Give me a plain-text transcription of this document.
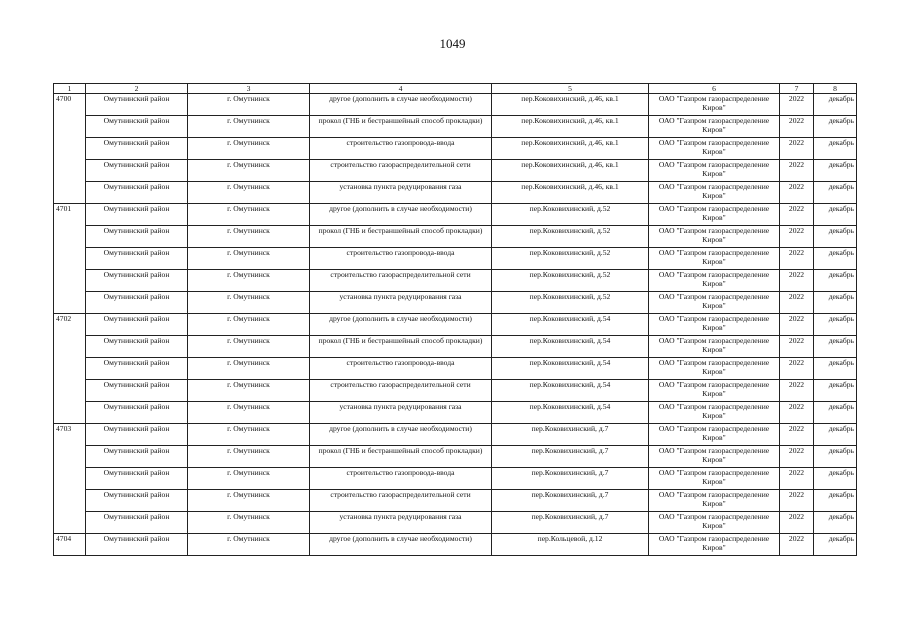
1049
1	2	3	4	5	6	7	8
4700	Омутнинский район	г. Омутнинск	другое (дополнить в случае необходимости)	пер.Коковихинский, д.46, кв.1	ОАО "Газпром газораспределение Киров"	2022	декабрь
	Омутнинский район	г. Омутнинск	прокол (ГНБ и бестраншейный способ прокладки)	пер.Коковихинский, д.46, кв.1	ОАО "Газпром газораспределение Киров"	2022	декабрь
	Омутнинский район	г. Омутнинск	строительство газопровода-ввода	пер.Коковихинский, д.46, кв.1	ОАО "Газпром газораспределение Киров"	2022	декабрь
	Омутнинский район	г. Омутнинск	строительство газораспределительной сети	пер.Коковихинский, д.46, кв.1	ОАО "Газпром газораспределение Киров"	2022	декабрь
	Омутнинский район	г. Омутнинск	установка пункта редуцирования газа	пер.Коковихинский, д.46, кв.1	ОАО "Газпром газораспределение Киров"	2022	декабрь
4701	Омутнинский район	г. Омутнинск	другое (дополнить в случае необходимости)	пер.Коковихинский, д.52	ОАО "Газпром газораспределение Киров"	2022	декабрь
	Омутнинский район	г. Омутнинск	прокол (ГНБ и бестраншейный способ прокладки)	пер.Коковихинский, д.52	ОАО "Газпром газораспределение Киров"	2022	декабрь
	Омутнинский район	г. Омутнинск	строительство газопровода-ввода	пер.Коковихинский, д.52	ОАО "Газпром газораспределение Киров"	2022	декабрь
	Омутнинский район	г. Омутнинск	строительство газораспределительной сети	пер.Коковихинский, д.52	ОАО "Газпром газораспределение Киров"	2022	декабрь
	Омутнинский район	г. Омутнинск	установка пункта редуцирования газа	пер.Коковихинский, д.52	ОАО "Газпром газораспределение Киров"	2022	декабрь
4702	Омутнинский район	г. Омутнинск	другое (дополнить в случае необходимости)	пер.Коковихинский, д.54	ОАО "Газпром газораспределение Киров"	2022	декабрь
	Омутнинский район	г. Омутнинск	прокол (ГНБ и бестраншейный способ прокладки)	пер.Коковихинский, д.54	ОАО "Газпром газораспределение Киров"	2022	декабрь
	Омутнинский район	г. Омутнинск	строительство газопровода-ввода	пер.Коковихинский, д.54	ОАО "Газпром газораспределение Киров"	2022	декабрь
	Омутнинский район	г. Омутнинск	строительство газораспределительной сети	пер.Коковихинский, д.54	ОАО "Газпром газораспределение Киров"	2022	декабрь
	Омутнинский район	г. Омутнинск	установка пункта редуцирования газа	пер.Коковихинский, д.54	ОАО "Газпром газораспределение Киров"	2022	декабрь
4703	Омутнинский район	г. Омутнинск	другое (дополнить в случае необходимости)	пер.Коковихинский, д.7	ОАО "Газпром газораспределение Киров"	2022	декабрь
	Омутнинский район	г. Омутнинск	прокол (ГНБ и бестраншейный способ прокладки)	пер.Коковихинский, д.7	ОАО "Газпром газораспределение Киров"	2022	декабрь
	Омутнинский район	г. Омутнинск	строительство газопровода-ввода	пер.Коковихинский, д.7	ОАО "Газпром газораспределение Киров"	2022	декабрь
	Омутнинский район	г. Омутнинск	строительство газораспределительной сети	пер.Коковихинский, д.7	ОАО "Газпром газораспределение Киров"	2022	декабрь
	Омутнинский район	г. Омутнинск	установка пункта редуцирования газа	пер.Коковихинский, д.7	ОАО "Газпром газораспределение Киров"	2022	декабрь
4704	Омутнинский район	г. Омутнинск	другое (дополнить в случае необходимости)	пер.Кольцевой, д.12	ОАО "Газпром газораспределение Киров"	2022	декабрь
